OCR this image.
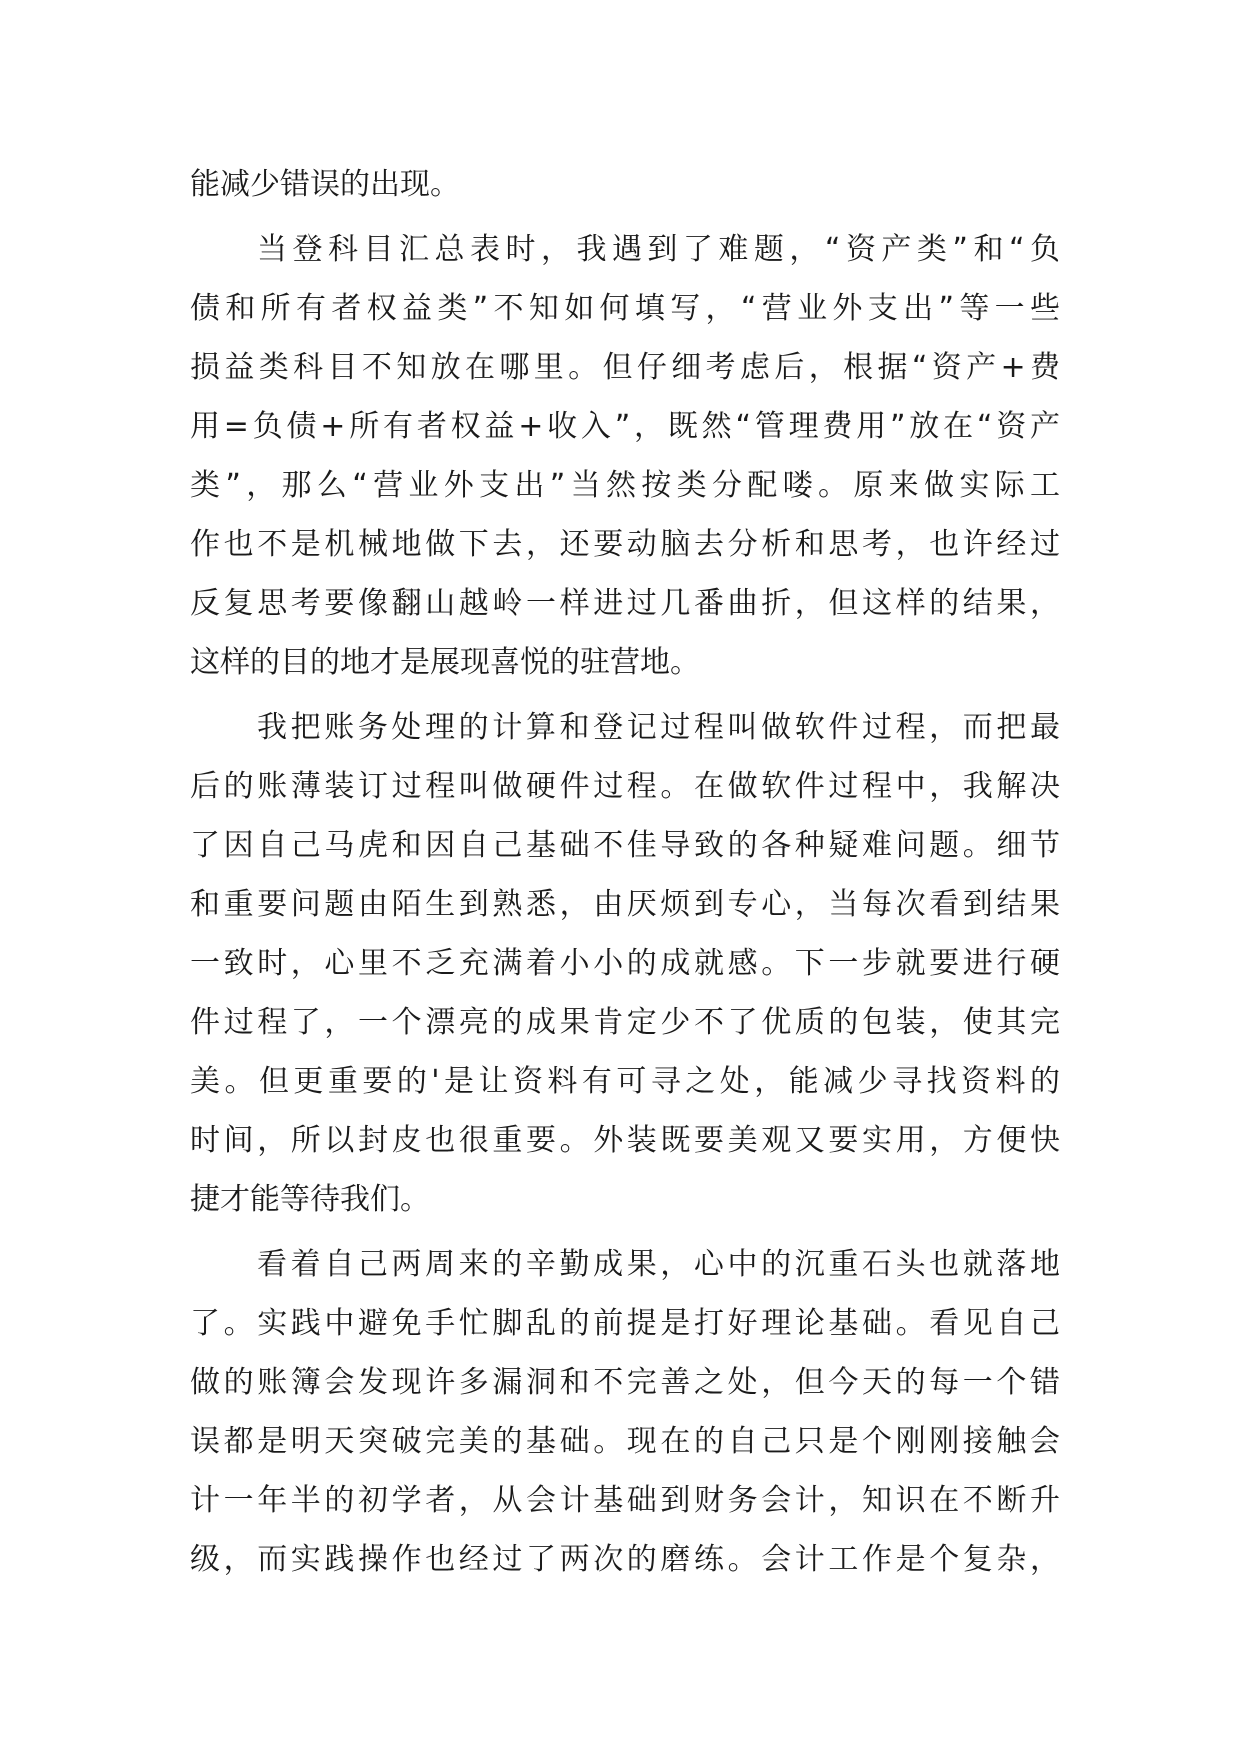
能减少错误的出现。
当登科目汇总表时，我遇到了难题，“资产类”和“负
债和所有者权益类”不知如何填写，“营业外支出”等一些
损益类科目不知放在哪里。但仔细考虑后，根据“资产+费
用=负债+所有者权益+收入”，既然“管理费用”放在“资产
类”，那么“营业外支出”当然按类分配喽。原来做实际工
作也不是机械地做下去，还要动脑去分析和思考，也许经过
反复思考要像翻山越岭一样进过几番曲折，但这样的结果，
这样的目的地才是展现喜悦的驻营地。
我把账务处理的计算和登记过程叫做软件过程，而把最
后的账薄装订过程叫做硬件过程。在做软件过程中，我解决
了因自己马虎和因自己基础不佳导致的各种疑难问题。细节
和重要问题由陌生到熟悉，由厌烦到专心，当每次看到结果
一致时，心里不乏充满着小小的成就感。下一步就要进行硬
件过程了，一个漂亮的成果肯定少不了优质的包装，使其完
美。但更重要的'是让资料有可寻之处，能减少寻找资料的
时间，所以封皮也很重要。外装既要美观又要实用，方便快
捷才能等待我们。
看着自己两周来的辛勤成果，心中的沉重石头也就落地
了。实践中避免手忙脚乱的前提是打好理论基础。看见自己
做的账簿会发现许多漏洞和不完善之处，但今天的每一个错
误都是明天突破完美的基础。现在的自己只是个刚刚接触会
计一年半的初学者，从会计基础到财务会计，知识在不断升
级，而实践操作也经过了两次的磨练。会计工作是个复杂，
